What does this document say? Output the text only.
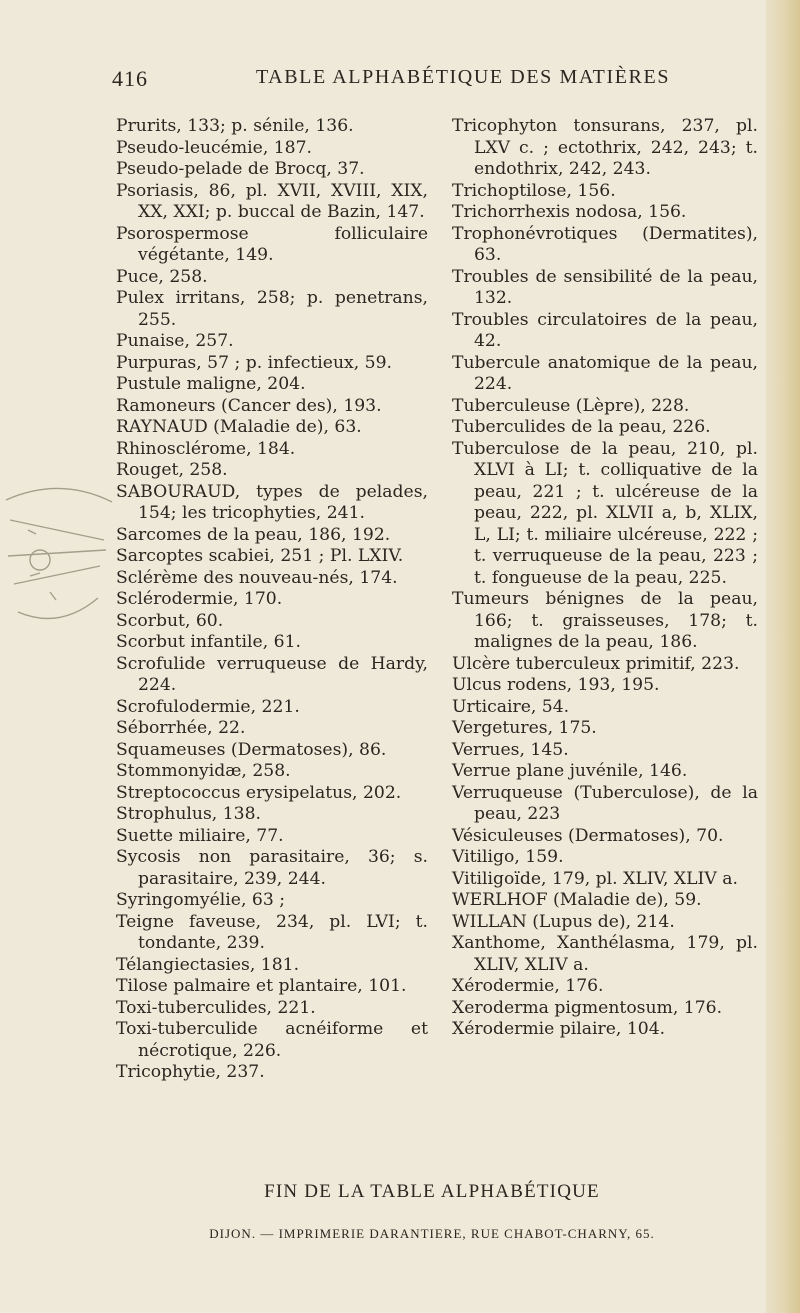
416	TABLE ALPHABÉTIQUE DES MATIÈRES
Prurits, 133; p. sénile, 136.
Pseudo-leucémie, 187.
Pseudo-pelade de Brocq, 37.
Psoriasis, 86, pl. XVII, XVIII, XIX, XX, XXI; p. buccal de Bazin, 147.
Psorospermose folliculaire végétante, 149.
Puce, 258.
Pulex irritans, 258; p. penetrans, 255.
Punaise, 257.
Purpuras, 57 ; p. infectieux, 59.
Pustule maligne, 204.
Ramoneurs (Cancer des), 193.
RAYNAUD (Maladie de), 63.
Rhinosclérome, 184.
Rouget, 258.
SABOURAUD, types de pelades, 154; les tricophyties, 241.
Sarcomes de la peau, 186, 192.
Sarcoptes scabiei, 251 ; Pl. LXIV.
Sclérème des nouveau-nés, 174.
Sclérodermie, 170.
Scorbut, 60.
Scorbut infantile, 61.
Scrofulide verruqueuse de Hardy, 224.
Scrofulodermie, 221.
Séborrhée, 22.
Squameuses (Dermatoses), 86.
Stommonyidæ, 258.
Streptococcus erysipelatus, 202.
Strophulus, 138.
Suette miliaire, 77.
Sycosis non parasitaire, 36; s. parasitaire, 239, 244.
Syringomyélie, 63 ;
Teigne faveuse, 234, pl. LVI; t. tondante, 239.
Télangiectasies, 181.
Tilose palmaire et plantaire, 101.
Toxi-tuberculides, 221.
Toxi-tuberculide acnéiforme et nécrotique, 226.
Tricophytie, 237.
Tricophyton tonsurans, 237, pl. LXV c. ; ectothrix, 242, 243; t. endothrix, 242, 243.
Trichoptilose, 156.
Trichorrhexis nodosa, 156.
Trophonévrotiques (Dermatites), 63.
Troubles de sensibilité de la peau, 132.
Troubles circulatoires de la peau, 42.
Tubercule anatomique de la peau, 224.
Tuberculeuse (Lèpre), 228.
Tuberculides de la peau, 226.
Tuberculose de la peau, 210, pl. XLVI à LI; t. colliquative de la peau, 221 ; t. ulcéreuse de la peau, 222, pl. XLVII a, b, XLIX, L, LI; t. miliaire ulcéreuse, 222 ; t. verruqueuse de la peau, 223 ; t. fongueuse de la peau, 225.
Tumeurs bénignes de la peau, 166; t. graisseuses, 178; t. malignes de la peau, 186.
Ulcère tuberculeux primitif, 223.
Ulcus rodens, 193, 195.
Urticaire, 54.
Vergetures, 175.
Verrues, 145.
Verrue plane juvénile, 146.
Verruqueuse (Tuberculose), de la peau, 223
Vésiculeuses (Dermatoses), 70.
Vitiligo, 159.
Vitiligoïde, 179, pl. XLIV, XLIV a.
WERLHOF (Maladie de), 59.
WILLAN (Lupus de), 214.
Xanthome, Xanthélasma, 179, pl. XLIV, XLIV a.
Xérodermie, 176.
Xeroderma pigmentosum, 176.
Xérodermie pilaire, 104.
FIN DE LA TABLE ALPHABÉTIQUE
DIJON. — IMPRIMERIE DARANTIERE, RUE CHABOT-CHARNY, 65.
